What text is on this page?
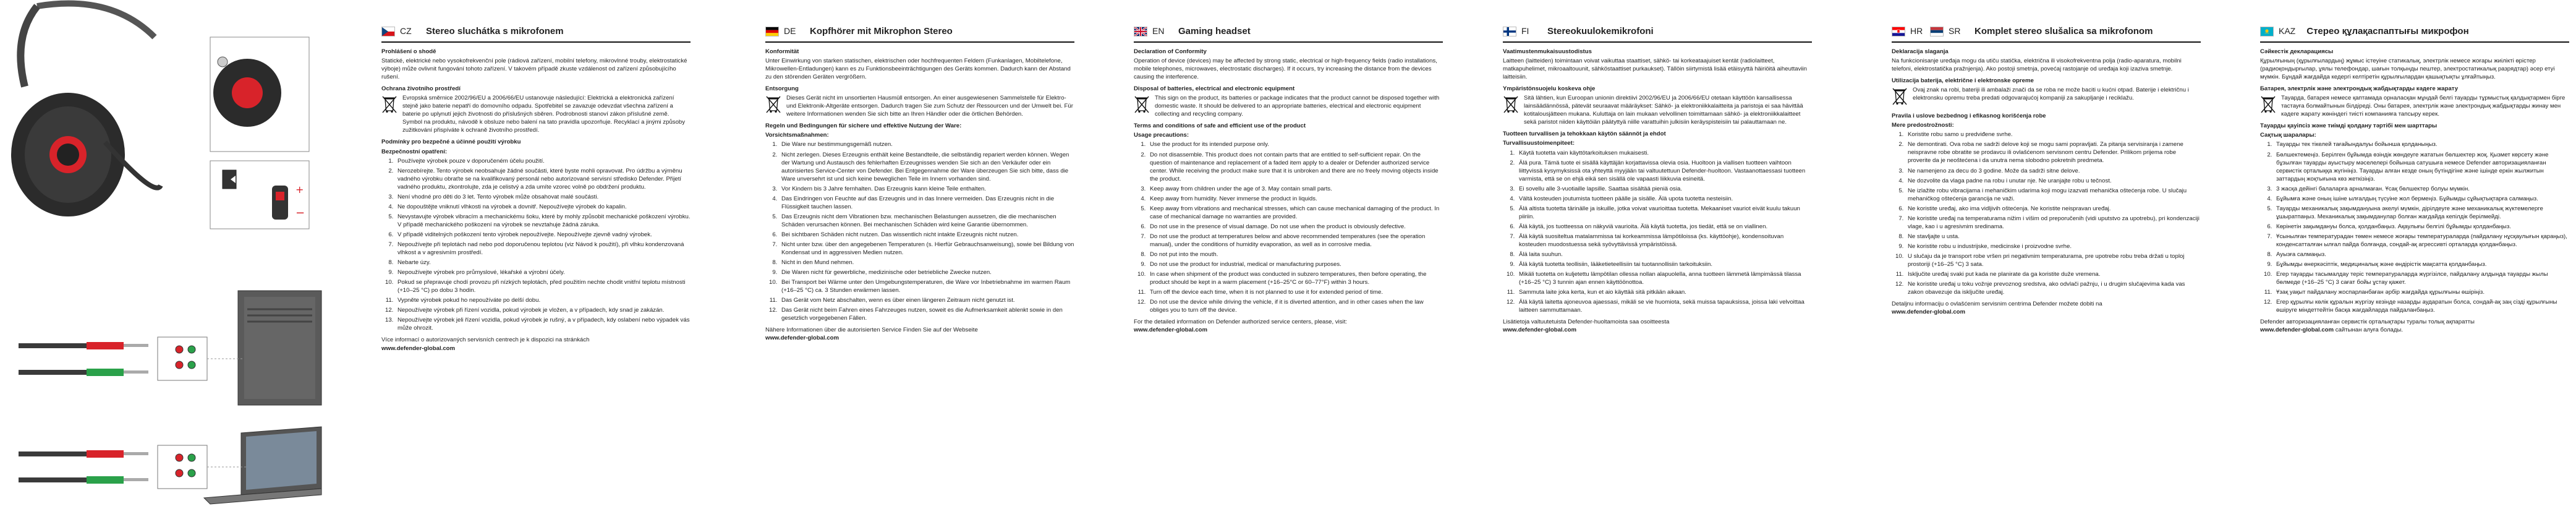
+
−
CZ	Stereo sluchátka s mikrofonem
Prohlášení o shodě

Statické, elektrické nebo vysokofrekvenční pole (rádiová zařízení, mobilní telefony, mikrovlnné trouby, elektrostatické výboje) může ovlivnit fungování tohoto zařízení. V takovém případě zkuste vzdálenost od zařízení způsobujícího rušení.

Ochrana životního prostředí
Evropská směrnice 2002/96/EU a 2006/66/EU ustanovuje následující: Elektrická a elektronická zařízení stejně jako baterie nepatří do domovního odpadu. Spotřebitel se zavazuje odevzdat všechna zařízení a baterie po uplynutí jejich životnosti do příslušných sběren. Podrobnosti stanoví zákon příslušné země. Symbol na produktu, návodě k obsluze nebo balení na tato pravidla upozorňuje. Recyklací a jinými způsoby zužitkování přispíváte k ochraně životního prostředí.
Podmínky pro bezpečné a účinné použití výrobku
Bezpečnostní opatření:
1. Používejte výrobek pouze v doporučeném účelu použití.
2. Nerozebírejte. Tento výrobek neobsahuje žádné součásti, které byste mohli opravovat. Pro údržbu a výměnu vadného výrobku obraťte se na kvalifikovaný personál nebo autorizované servisní středisko Defender. Přijetí vadného produktu, zkontrolujte, zda je celistvý a zda umíte vzorec volně po obdržení produktu.
3. Není vhodné pro děti do 3 let. Tento výrobek může obsahovat malé součásti.
4. Ne dopouštějte vniknutí vlhkosti na výrobek a dovnitř. Nepoužívejte výrobek do kapalin.
5. Nevystavujte výrobek vibracím a mechanickému šoku, které by mohly způsobit mechanické poškození výrobku. V případě mechanického poškození na výrobek se nevztahuje žádná záruka.
6. V případě viditelných poškození tento výrobek nepoužívejte. Nepoužívejte zjevně vadný výrobek.
7. Nepoužívejte při teplotách nad nebo pod doporučenou teplotou (viz Návod k použití), při vlhku kondenzovaná vlhkost a v agresivním prostředí.
8. Nebarte úzy.
9. Nepoužívejte výrobek pro průmyslové, lékařské a výrobní účely.
10. Pokud se přepravuje chodí provozu při nízkých teplotách, před použitím nechte chodit vnitřní teplotu místnosti (+10–25 °C) po dobu 3 hodin.
11. Vypněte výrobek pokud ho nepoužíváte po delší dobu.
12. Nepoužívejte výrobek při řízení vozidla, pokud výrobek je vložen, a v případech, kdy snad je zakázán.
13. Nepoužívejte výrobek jeli řízení vozidla, pokud výrobek je rušný, a v případech, kdy oslabení nebo výpadek vás může ohrozit.

Více informací o autorizovaných servisních centrech je k dispozici na stránkách
www.defender-global.com

DE	Kopfhörer mit Mikrophon Stereo
Konformität

Unter Einwirkung von starken statischen, elektrischen oder hochfrequenten Feldern (Funkanlagen, Mobiltelefone, Mikrowellen-Entladungen) kann es zu Funktionsbeeinträchtigungen des Geräts kommen. Dadurch kann der Abstand zu den störenden Geräten vergrößern.

Entsorgung
Dieses Gerät nicht im unsortierten Hausmüll entsorgen. An einer ausgewiesenen Sammelstelle für Elektro- und Elektronik-Altgeräte entsorgen. Dadurch tragen Sie zum Schutz der Ressourcen und der Umwelt bei. Für weitere Informationen wenden Sie sich bitte an Ihren Händler oder die örtlichen Behörden.
Regeln und Bedingungen für sichere und effektive Nutzung der Ware:
Vorsichtsmaßnahmen:
1. Die Ware nur bestimmungsgemäß nutzen.
2. Nicht zerlegen. Dieses Erzeugnis enthält keine Bestandteile, die selbständig repariert werden können. Wegen der Wartung und Austausch des fehlerhaften Erzeugnisses wenden Sie sich an den Verkäufer oder ein autorisiertes Service-Center von Defender. Bei Entgegennahme der Ware überzeugen Sie sich bitte, dass die Ware unversehrt ist und sich keine beweglichen Teile im Innern vorhanden sind.
3. Vor Kindern bis 3 Jahre fernhalten. Das Erzeugnis kann kleine Teile enthalten.
4. Das Eindringen von Feuchte auf das Erzeugnis und in das Innere vermeiden. Das Erzeugnis nicht in die Flüssigkeit tauchen lassen.
5. Das Erzeugnis nicht dem Vibrationen bzw. mechanischen Belastungen aussetzen, die die mechanischen Schäden verursachen können. Bei mechanischen Schäden wird keine Garantie übernommen.
6. Bei sichtbaren Schäden nicht nutzen. Das wissentlich nicht intakte Erzeugnis nicht nutzen.
7. Nicht unter bzw. über den angegebenen Temperaturen (s. Hierfür Gebrauchsanweisung), sowie bei Bildung von Kondensat und in aggressiven Medien nutzen.
8. Nicht in den Mund nehmen.
9. Die Waren nicht für gewerbliche, medizinische oder betriebliche Zwecke nutzen.
10. Bei Transport bei Wärme unter den Umgebungstemperaturen, die Ware vor Inbetriebnahme im warmen Raum (+16–25 °C) ca. 3 Stunden erwärmen lassen.
11. Das Gerät vom Netz abschalten, wenn es über einen längeren Zeitraum nicht genutzt ist.
12. Das Gerät nicht beim Fahren eines Fahrzeuges nutzen, soweit es die Aufmerksamkeit ablenkt sowie in den gesetzlich vorgegebenen Fällen.

Nähere Informationen über die autorisierten Service Finden Sie auf der Webseite
www.defender-global.com

EN	Gaming headset
Declaration of Conformity

Operation of device (devices) may be affected by strong static, electrical or high-frequency fields (radio installations, mobile telephones, microwaves, electrostatic discharges). If it occurs, try increasing the distance from the devices causing the interference.

Disposal of batteries, electrical and electronic equipment
This sign on the product, its batteries or package indicates that the product cannot be disposed together with domestic waste. It should be delivered to an appropriate batteries, electrical and electronic equipment collecting and recycling company.
Terms and conditions of safe and efficient use of the product
Usage precautions:
1. Use the product for its intended purpose only.
2. Do not disassemble. This product does not contain parts that are entitled to self-sufficient repair. On the question of maintenance and replacement of a faded item apply to a dealer or Defender authorized service center. While receiving the product make sure that it is unbroken and there are no freely moving objects inside the product.
3. Keep away from children under the age of 3. May contain small parts.
4. Keep away from humidity. Never immerse the product in liquids.
5. Keep away from vibrations and mechanical stresses, which can cause mechanical damaging of the product. In case of mechanical damage no warranties are provided.
6. Do not use in the presence of visual damage. Do not use when the product is obviously defective.
7. Do not use the product at temperatures below and above recommended temperatures (see the operation manual), under the conditions of humidity evaporation, as well as in corrosive media.
8. Do not put into the mouth.
9. Do not use the product for industrial, medical or manufacturing purposes.
10. In case when shipment of the product was conducted in subzero temperatures, then before operating, the product should be kept in a warm placement (+16–25°C or 60–77°F) within 3 hours.
11. Turn off the device each time, when it is not planned to use it for extended period of time.
12. Do not use the device while driving the vehicle, if it is diverted attention, and in other cases when the law obliges you to turn off the device.

For the detailed information on Defender authorized service centers, please, visit:
www.defender-global.com

FI	Stereokuulokemikrofoni
Vaatimustenmukaisuustodistus

Laitteen (laitteiden) toimintaan voivat vaikuttaa staattiset, sähkö- tai korkeataajuiset kentät (radiolaitteet, matkapuhelimet, mikroaaltouunit, sähköstaattiset purkaukset). Tällöin siirtymistä lisää etäisyyttä häiriöitä aiheuttaviin laitteisiin.

Ympäristönsuojelu koskeva ohje
Sitä lähtien, kun Euroopan unionin direktiivi 2002/96/EU ja 2006/66/EU otetaan käyttöön kansallisessa lainsäädännössä, pätevät seuraavat määräykset: Sähkö- ja elektroniikkalaitteita ja paristoja ei saa hävittää kotitalousjätteen mukana. Kuluttaja on lain mukaan velvollinen toimittamaan sähkö- ja elektroniikkalaitteet sekä paristot niiden käyttöiän päätyttyä niille varattuihin julkisiin keräyspisteisiin tai palauttamaan ne.
Tuotteen turvallisen ja tehokkaan käytön säännöt ja ehdot
Turvallisuustoimenpiteet:
1. Käytä tuotetta vain käyttötarkoituksen mukaisesti.
2. Älä pura. Tämä tuote ei sisällä käyttäjän korjattavissa olevia osia. Huoltoon ja viallisen tuotteen vaihtoon liittyvissä kysymyksissä ota yhteyttä myyjään tai valtuutettuun Defender-huoltoon. Vastaanottaessasi tuotteen varmista, että se on ehjä eikä sen sisällä ole vapaasti liikkuvia esineitä.
3. Ei sovellu alle 3-vuotiaille lapsille. Saattaa sisältää pieniä osia.
4. Vältä kosteuden joutumista tuotteen päälle ja sisälle. Älä upota tuotetta nesteisiin.
5. Älä altista tuotetta tärinälle ja iskuille, jotka voivat vaurioittaa tuotetta. Mekaaniset vauriot eivät kuulu takuun piiriin.
6. Älä käytä, jos tuotteessa on näkyviä vaurioita. Älä käytä tuotetta, jos tiedät, että se on viallinen.
7. Älä käytä suositeltua matalammissa tai korkeammissa lämpötiloissa (ks. käyttöohje), kondensoituvan kosteuden muodostuessa sekä syövyttävissä ympäristöissä.
8. Älä laita suuhun.
9. Älä käytä tuotetta teollisiin, lääketieteellisiin tai tuotannollisiin tarkoituksiin.
10. Mikäli tuotetta on kuljetettu lämpötilan ollessa nollan alapuolella, anna tuotteen lämmetä lämpimässä tilassa (+16–25 °C) 3 tunnin ajan ennen käyttöönottoa.
11. Sammuta laite joka kerta, kun et aio käyttää sitä pitkään aikaan.
12. Älä käytä laitetta ajoneuvoa ajaessasi, mikäli se vie huomiota, sekä muissa tapauksissa, joissa laki velvoittaa laitteen sammuttamaan.

Lisätietoja valtuutetuista Defender-huoltamoista saa osoitteesta
www.defender-global.com

HR	SR	Komplet stereo slušalica sa mikrofonom
Deklaracija slaganja

Na funkcionisanje uređaja mogu da utiču statička, električna ili visokofrekventna polja (radio-aparatura, mobilni telefoni, elektrostatička pražnjenja). Ako postoji smetnja, povećaj rastojanje od uređaja koji izaziva smetnje.

Utilizacija baterija, električne i elektronske opreme
Ovaj znak na robi, bateriji ili ambalaži znači da se roba ne može baciti u kućni otpad. Baterije i električnu i elektronsku opremu treba predati odgovarajućoj kompaniji za sakupljanje i reciklažu.
Pravila i uslove bezbednog i efikasnog korišćenja robe
Mere predostrožnosti:
1. Koristite robu samo u predviđene svrhe.
2. Ne demontirati. Ova roba ne sadrži delove koji se mogu sami popravljati. Za pitanja servisiranja i zamene neispravne robe obratite se prodavcu ili ovlašćenom servisnom centru Defender. Prilikom prijema robe proverite da je neoštećena i da unutra nema slobodno pokretnih predmeta.
3. Ne namenjeno za decu do 3 godine. Može da sadrži sitne delove.
4. Ne dozvolite da vlaga padne na robu i unutar nje. Ne uranjajte robu u tečnost.
5. Ne izlažite robu vibracijama i mehaničkim udarima koji mogu izazvati mehanička oštećenja robe. U slučaju mehaničkog oštećenja garancija ne važi.
6. Ne koristite uređaj, ako ima vidljivih oštećenja. Ne koristite neispravan uređaj.
7. Ne koristite uređaj na temperaturama nižim i višim od preporučenih (vidi uputstvo za upotrebu), pri kondenzaciji vlage, kao i u agresivnim sredinama.
8. Ne stavljajte u usta.
9. Ne koristite robu u industrijske, medicinske i proizvodne svrhe.
10. U slučaju da je transport robe vršen pri negativnim temperaturama, pre upotrebe robu treba držati u toploj prostoriji (+16–25 °C) 3 sata.
11. Isključite uređaj svaki put kada ne planirate da ga koristite duže vremena.
12. Ne koristite uređaj u toku vožnje prevoznog sredstva, ako odvlači pažnju, i u drugim slučajevima kada vas zakon obavezuje da isključite uređaj.

Detaljnu informaciju o ovlašćenim servisnim centrima Defender možete dobiti na
www.defender-global.com

KAZ Стерео құлақаспаптығы микрофон
Сәйкестік декларациясы

Құрылғының (құрылғылардың) жұмыс істеуіне статикалық, электрлік немесе жоғары жиілікті өрістер (радиоқондырғылар, ұялы телефондар, шағын толқынды пештер, электростатикалық разрядтар) әсер етуі мүмкін. Бұндай жағдайда кедергі келтіретін құрылғылардан қашықтықты ұлғайтыңыз.

Батарея, электрлік және электрондық жабдықтарды кәдеге жарату
Тауарда, батарея немесе қаптамада орналасқан мұндай белгі тауарды тұрмыстық қалдықтармен бірге тастауға болмайтынын білдіреді. Оны батарея, электрлік және электрондық жабдықтарды жинау мен кәдеге жарату жөніндегі тиісті компанияға тапсыру керек.
Тауарды қауіпсіз және тиімді қолдану тәртібі мен шарттары
Сақтық шаралары:
1. Тауарды тек тікелей тағайындалуы бойынша қолданыңыз.
2. Бөлшектемеңіз. Берілген бұйымда өзіндік жөндеуге жататын бөлшектер жоқ. Қызмет көрсету және бұзылған тауарды ауыстыру мәселелері бойынша сатушыға немесе Defender авторизацияланған сервистік орталыққа жүгініңіз. Тауарды алған кезде оның бүтіндігіне және ішінде еркін жылжитын заттардың жоқтығына көз жеткізіңіз.
3. 3 жасқа дейінгі балаларға арналмаған. Ұсақ бөлшектер болуы мүмкін.
4. Бұйымға және оның ішіне ылғалдың түсуіне жол бермеңіз. Бұйымды сұйықтықтарға салмаңыз.
5. Тауарды механикалық зақымдануына әкелуі мүмкін, дірілдеуге және механикалық жүктемелерге ұшыратпаңыз. Механикалық зақымданулар болған жағдайда кепілдік берілмейді.
6. Көрінетін зақымдануы болса, қолданбаңыз. Ақаулығы белгілі бұйымды қолданбаңыз.
7. Ұсынылған температурадан төмен немесе жоғары температураларда (пайдалану нұсқаулығын қараңыз), конденсатталған ылғал пайда болғанда, сондай-ақ агрессивті орталарда қолданбаңыз.
8. Ауызға салмаңыз.
9. Бұйымды өнеркәсіптік, медициналық және өндірістік мақсатта қолданбаңыз.
10. Егер тауарды тасымалдау теріс температураларда жүргізілсе, пайдалану алдында тауарды жылы бөлмеде (+16–25 °С) 3 сағат бойы ұстау қажет.
11. Ұзақ уақыт пайдалану жоспарланбаған әрбір жағдайда құрылғыны өшіріңіз.
12. Егер құрылғы көлік құралын жүргізу кезінде назарды аударатын болса, сондай-ақ заң сізді құрылғыны өшіруге міндеттейтін басқа жағдайларда пайдаланбаңыз.

Defender авторизацияланған сервистік орталықтары туралы толық ақпаратты
www.defender-global.com сайтынан алуға болады.
